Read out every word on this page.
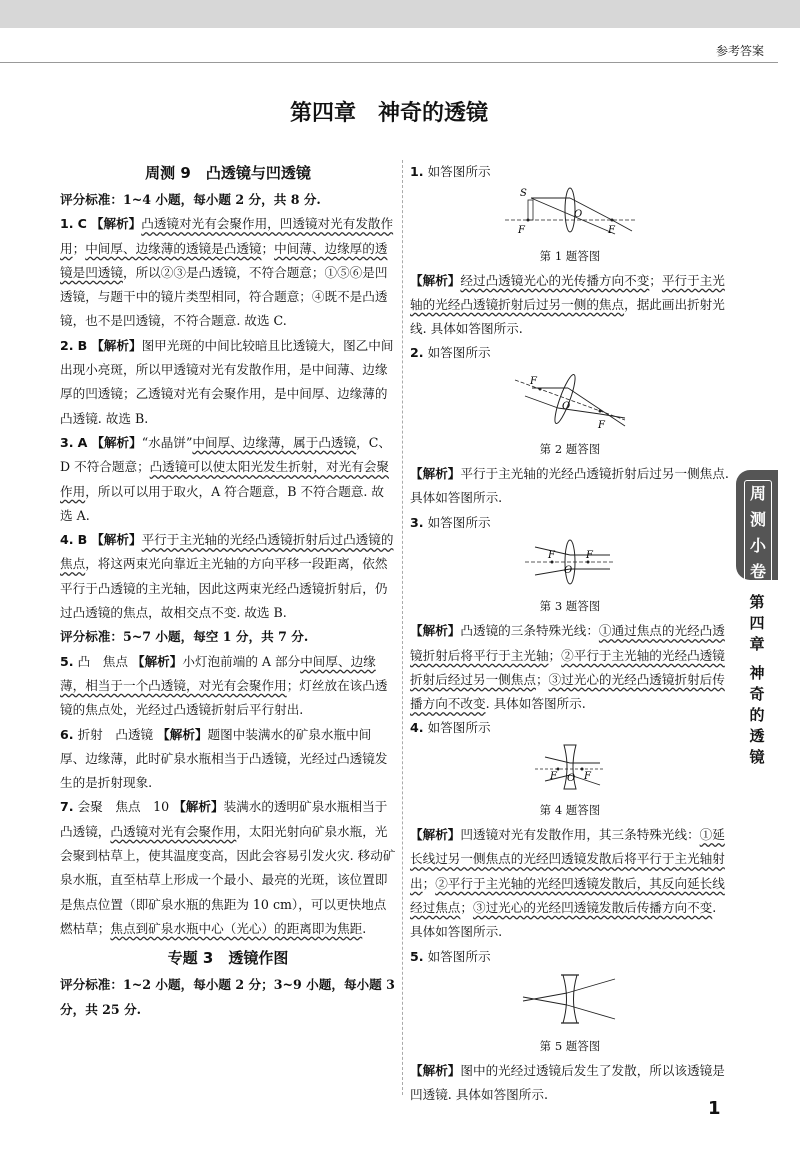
参考答案
第四章　神奇的透镜
周测 9　凸透镜与凹透镜
评分标准：1~4 小题，每小题 2 分，共 8 分.

1. C 【解析】凸透镜对光有会聚作用，凹透镜对光有发散作用；中间厚、边缘薄的透镜是凸透镜；中间薄、边缘厚的透镜是凹透镜，所以②③是凸透镜，不符合题意；①⑤⑥是凹透镜，与题干中的镜片类型相同，符合题意；④既不是凸透镜，也不是凹透镜，不符合题意. 故选 C.

2. B 【解析】图甲光斑的中间比较暗且比透镜大，图乙中间出现小亮斑，所以甲透镜对光有发散作用，是中间薄、边缘厚的凹透镜；乙透镜对光有会聚作用，是中间厚、边缘薄的凸透镜. 故选 B.

3. A 【解析】“水晶饼”中间厚、边缘薄，属于凸透镜，C、D 不符合题意；凸透镜可以使太阳光发生折射，对光有会聚作用，所以可以用于取火，A 符合题意，B 不符合题意. 故选 A.

4. B 【解析】平行于主光轴的光经凸透镜折射后过凸透镜的焦点，将这两束光向靠近主光轴的方向平移一段距离，依然平行于凸透镜的主光轴，因此这两束光经凸透镜折射后，仍过凸透镜的焦点，故相交点不变. 故选 B.

评分标准：5~7 小题，每空 1 分，共 7 分.

5. 凸　焦点 【解析】小灯泡前端的 A 部分中间厚、边缘薄，相当于一个凸透镜，对光有会聚作用；灯丝放在该凸透镜的焦点处，光经过凸透镜折射后平行射出.

6. 折射　凸透镜 【解析】题图中装满水的矿泉水瓶中间厚、边缘薄，此时矿泉水瓶相当于凸透镜，光经过凸透镜发生的是折射现象.

7. 会聚　焦点　10 【解析】装满水的透明矿泉水瓶相当于凸透镜，凸透镜对光有会聚作用，太阳光射向矿泉水瓶，光会聚到枯草上，使其温度变高，因此会容易引发火灾. 移动矿泉水瓶，直至枯草上形成一个最小、最亮的光斑，该位置即是焦点位置（即矿泉水瓶的焦距为 10 cm），可以更快地点燃枯草；焦点到矿泉水瓶中心（光心）的距离即为焦距.

专题 3　透镜作图
评分标准：1~2 小题，每小题 2 分；3~9 小题，每小题 3 分，共 25 分.
1. 如答图所示
S
F
O
F
第 1 题答图

【解析】经过凸透镜光心的光传播方向不变；平行于主光轴的光经凸透镜折射后过另一侧的焦点，据此画出折射光线. 具体如答图所示.

2. 如答图所示
F
O
F
第 2 题答图

【解析】平行于主光轴的光经凸透镜折射后过另一侧焦点. 具体如答图所示.

3. 如答图所示
F
O
F
第 3 题答图

【解析】凸透镜的三条特殊光线：①通过焦点的光经凸透镜折射后将平行于主光轴；②平行于主光轴的光经凸透镜折射后经过另一侧焦点；③过光心的光经凸透镜折射后传播方向不改变. 具体如答图所示.

4. 如答图所示
F O F
第 4 题答图

【解析】凹透镜对光有发散作用，其三条特殊光线：①延长线过另一侧焦点的光经凹透镜发散后将平行于主光轴射出；②平行于主光轴的光经凹透镜发散后，其反向延长线经过焦点；③过光心的光经凹透镜发散后传播方向不变. 具体如答图所示.

5. 如答图所示
第 5 题答图

【解析】图中的光经过透镜后发生了发散，所以该透镜是凹透镜. 具体如答图所示.

周
测
小
卷
第
四
章
神
奇
的
透
镜
1
